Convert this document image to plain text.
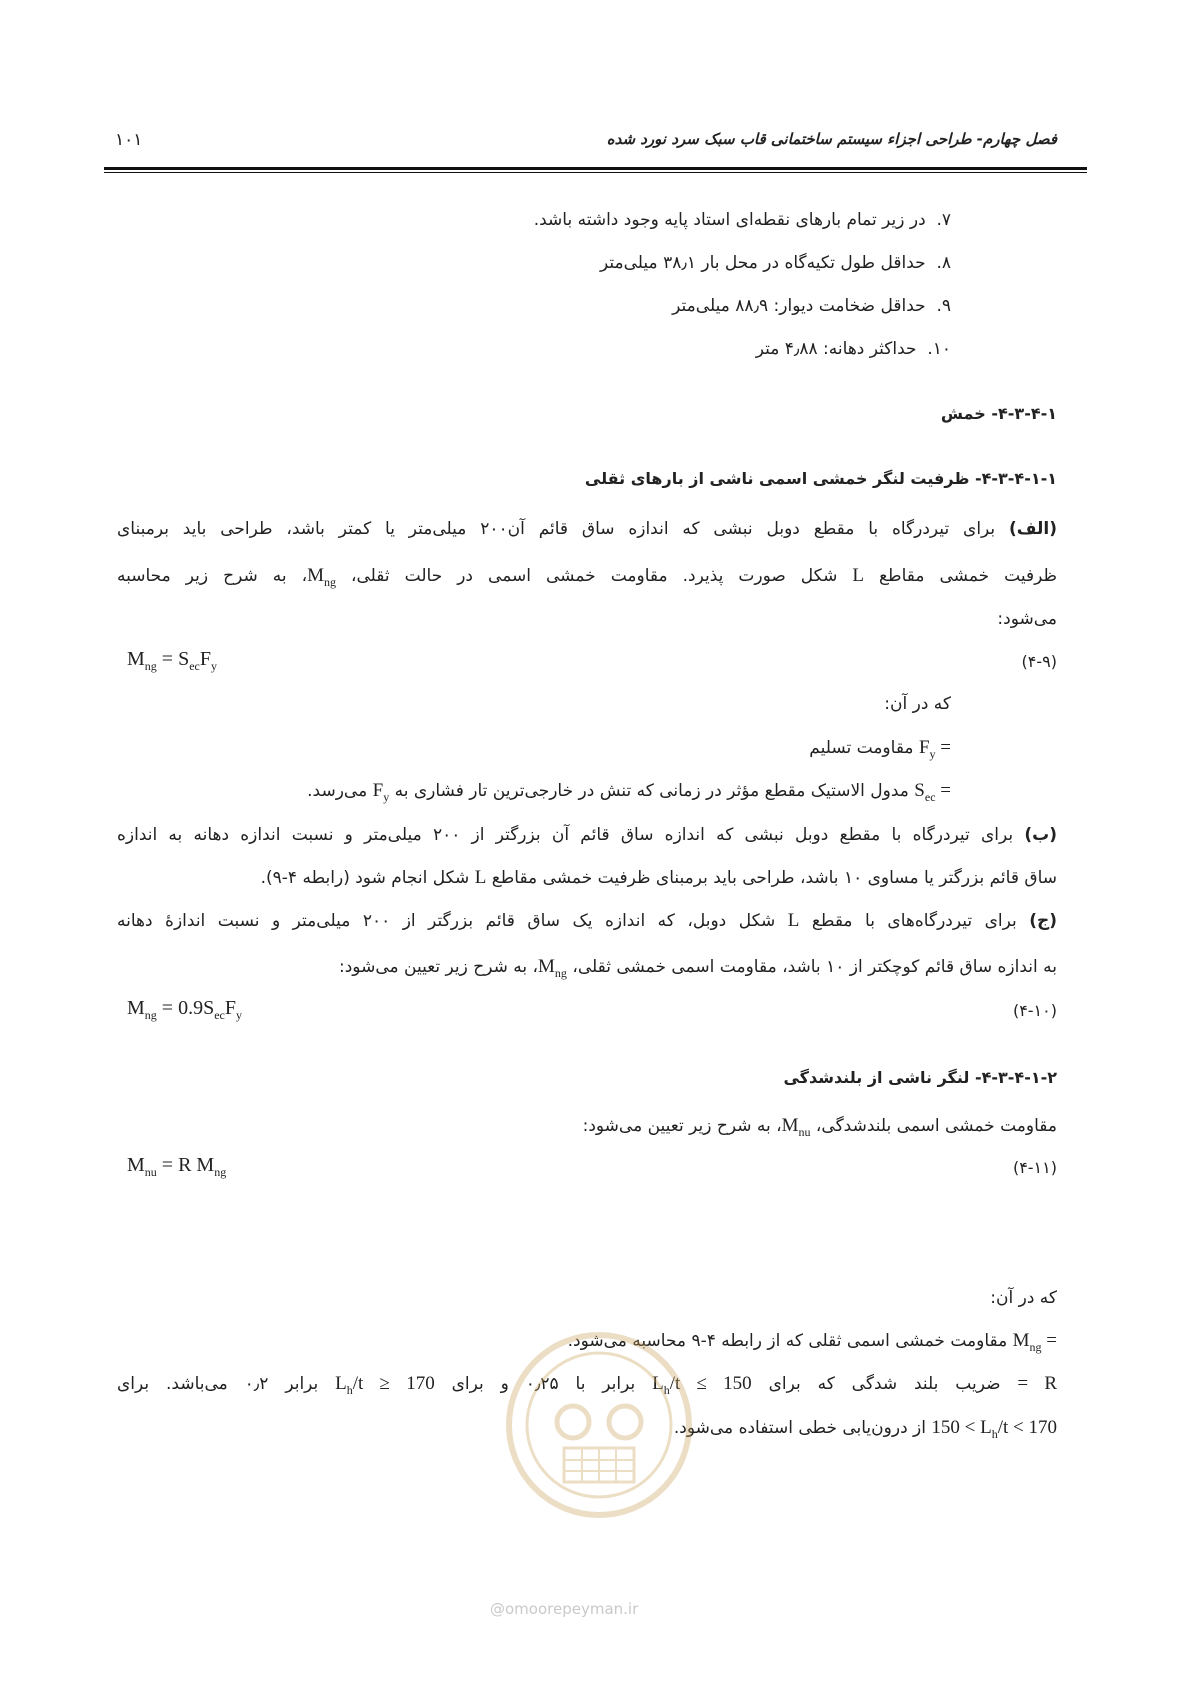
فصل چهارم- طراحی اجزاء سیستم ساختمانی قاب سبک سرد نورد شده
۱۰۱
۷.  در زیر تمام بارهای نقطه‌ای استاد پایه وجود داشته باشد.
۸.  حداقل طول تکیه‌گاه در محل بار ۳۸٫۱ میلی‌متر
۹.  حداقل ضخامت دیوار: ۸۸٫۹ میلی‌متر
۱۰.  حداکثر دهانه: ۴٫۸۸ متر
۴-۳-۴-۱- خمش
۴-۳-۴-۱-۱- ظرفیت لنگر خمشی اسمی ناشی از بارهای ثقلی
(الف) برای تیردرگاه با مقطع دوبل نبشی که اندازه ساق قائم آن۲۰۰ میلی‌متر یا کمتر باشد، طراحی باید برمبنای
ظرفیت خمشی مقاطع L شکل صورت پذیرد. مقاومت خمشی اسمی در حالت ثقلی، $M_{ng}،$ به شرح زیر محاسبه
می‌شود:
$M_{ng} = S_{ec}F_y$	(۴-۹)
که در آن:
$F_y$ = مقاومت تسلیم
$S_{ec}$ = مدول الاستیک مقطع مؤثر در زمانی که تنش در خارجی‌ترین تار فشاری به $F_y$ می‌رسد.
(ب) برای تیردرگاه با مقطع دوبل نبشی که اندازه ساق قائم آن بزرگتر از ۲۰۰ میلی‌متر و نسبت اندازه دهانه به اندازه
ساق قائم بزرگتر یا مساوی ۱۰ باشد، طراحی باید برمبنای ظرفیت خمشی مقاطع L شکل انجام شود (رابطه ۴-۹).
(ج) برای تیردرگاه‌های با مقطع L شکل دوبل، که اندازه یک ساق قائم بزرگتر از ۲۰۰ میلی‌متر و نسبت اندازهٔ دهانه
به اندازه ساق قائم کوچکتر از ۱۰ باشد، مقاومت اسمی خمشی ثقلی، $M_{ng}،$ به شرح زیر تعیین می‌شود:
$M_{ng} = 0.9S_{ec}F_y$	(۴-۱۰)
۴-۳-۴-۱-۲- لنگر ناشی از بلندشدگی
مقاومت خمشی اسمی بلندشدگی، $M_{nu}،$ به شرح زیر تعیین می‌شود:
$M_{nu} = R$ $M_{ng}$	(۴-۱۱)
که در آن:
$M_{ng}$ = مقاومت خمشی اسمی ثقلی که از رابطه ۴-۹ محاسبه می‌شود.
R = ضریب بلند شدگی که برای $L_h/t \le 150$ برابر با ۰٫۲۵ و برای $L_h/t \ge 170$ برابر ۰٫۲ می‌باشد. برای
$150 < L_h/t < 170$ از درون‌یابی خطی استفاده می‌شود.
@omoorepeyman.ir
